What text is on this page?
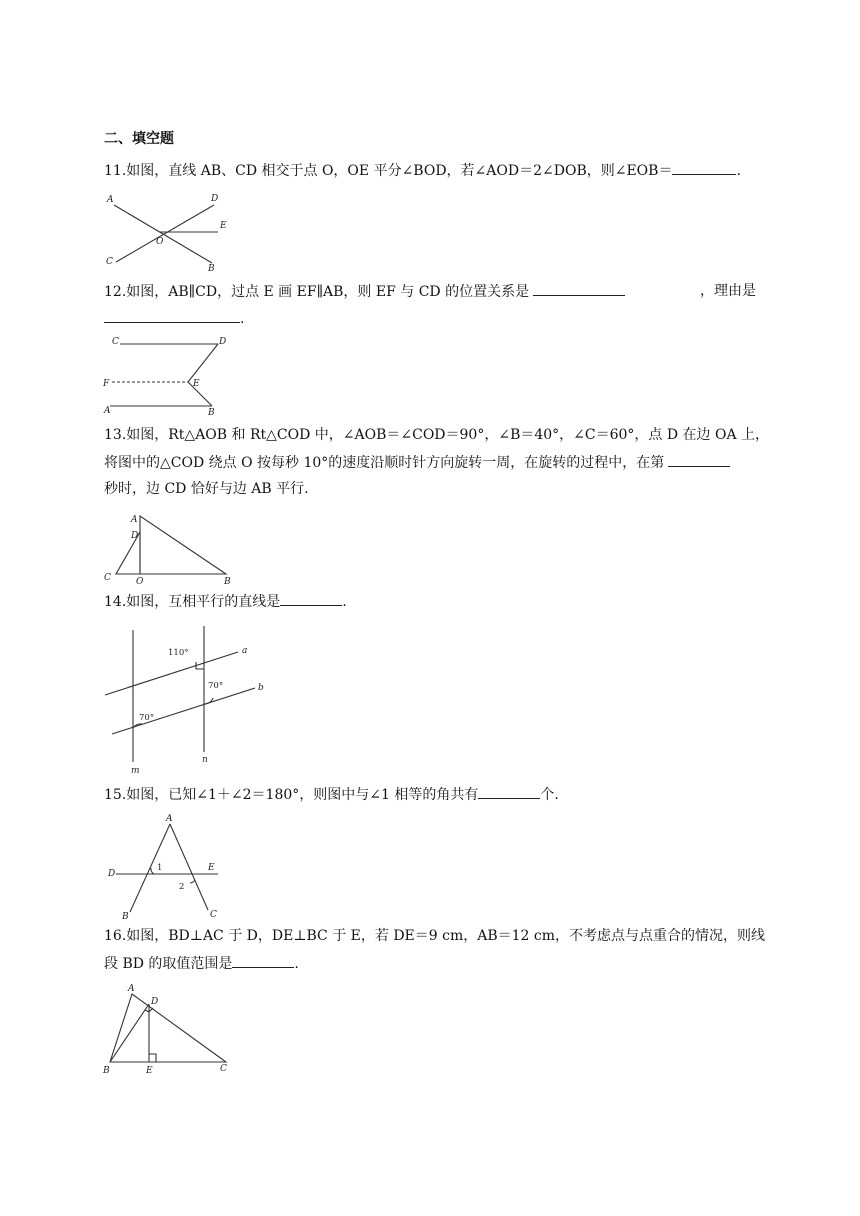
二、填空题
11.如图，直线 AB、CD 相交于点 O，OE 平分∠BOD，若∠AOD＝2∠DOB，则∠EOB＝	.
A
B
C
D
E
O
12.如图，AB∥CD，过点 E 画 EF∥AB，则 EF 与 CD 的位置关系是	，理由是
.
C	D
F	E
A	B
13.如图，Rt△AOB 和 Rt△COD 中，∠AOB＝∠COD＝90°，∠B＝40°，∠C＝60°，点 D 在边 OA 上，
将图中的△COD 绕点 O 按每秒 10°的速度沿顺时针方向旋转一周，在旋转的过程中，在第
秒时，边 CD 恰好与边 AB 平行.
A
D
C	O	B
14.如图，互相平行的直线是	.
110°
70°
70°
a
b
m
n
15.如图，已知∠1＋∠2＝180°，则图中与∠1 相等的角共有	个.
A
D
E
B	C
1
2
16.如图，BD⊥AC 于 D，DE⊥BC 于 E，若 DE＝9 cm，AB＝12 cm，不考虑点与点重合的情况，则线
段 BD 的取值范围是	.
A
D
B	E	C
